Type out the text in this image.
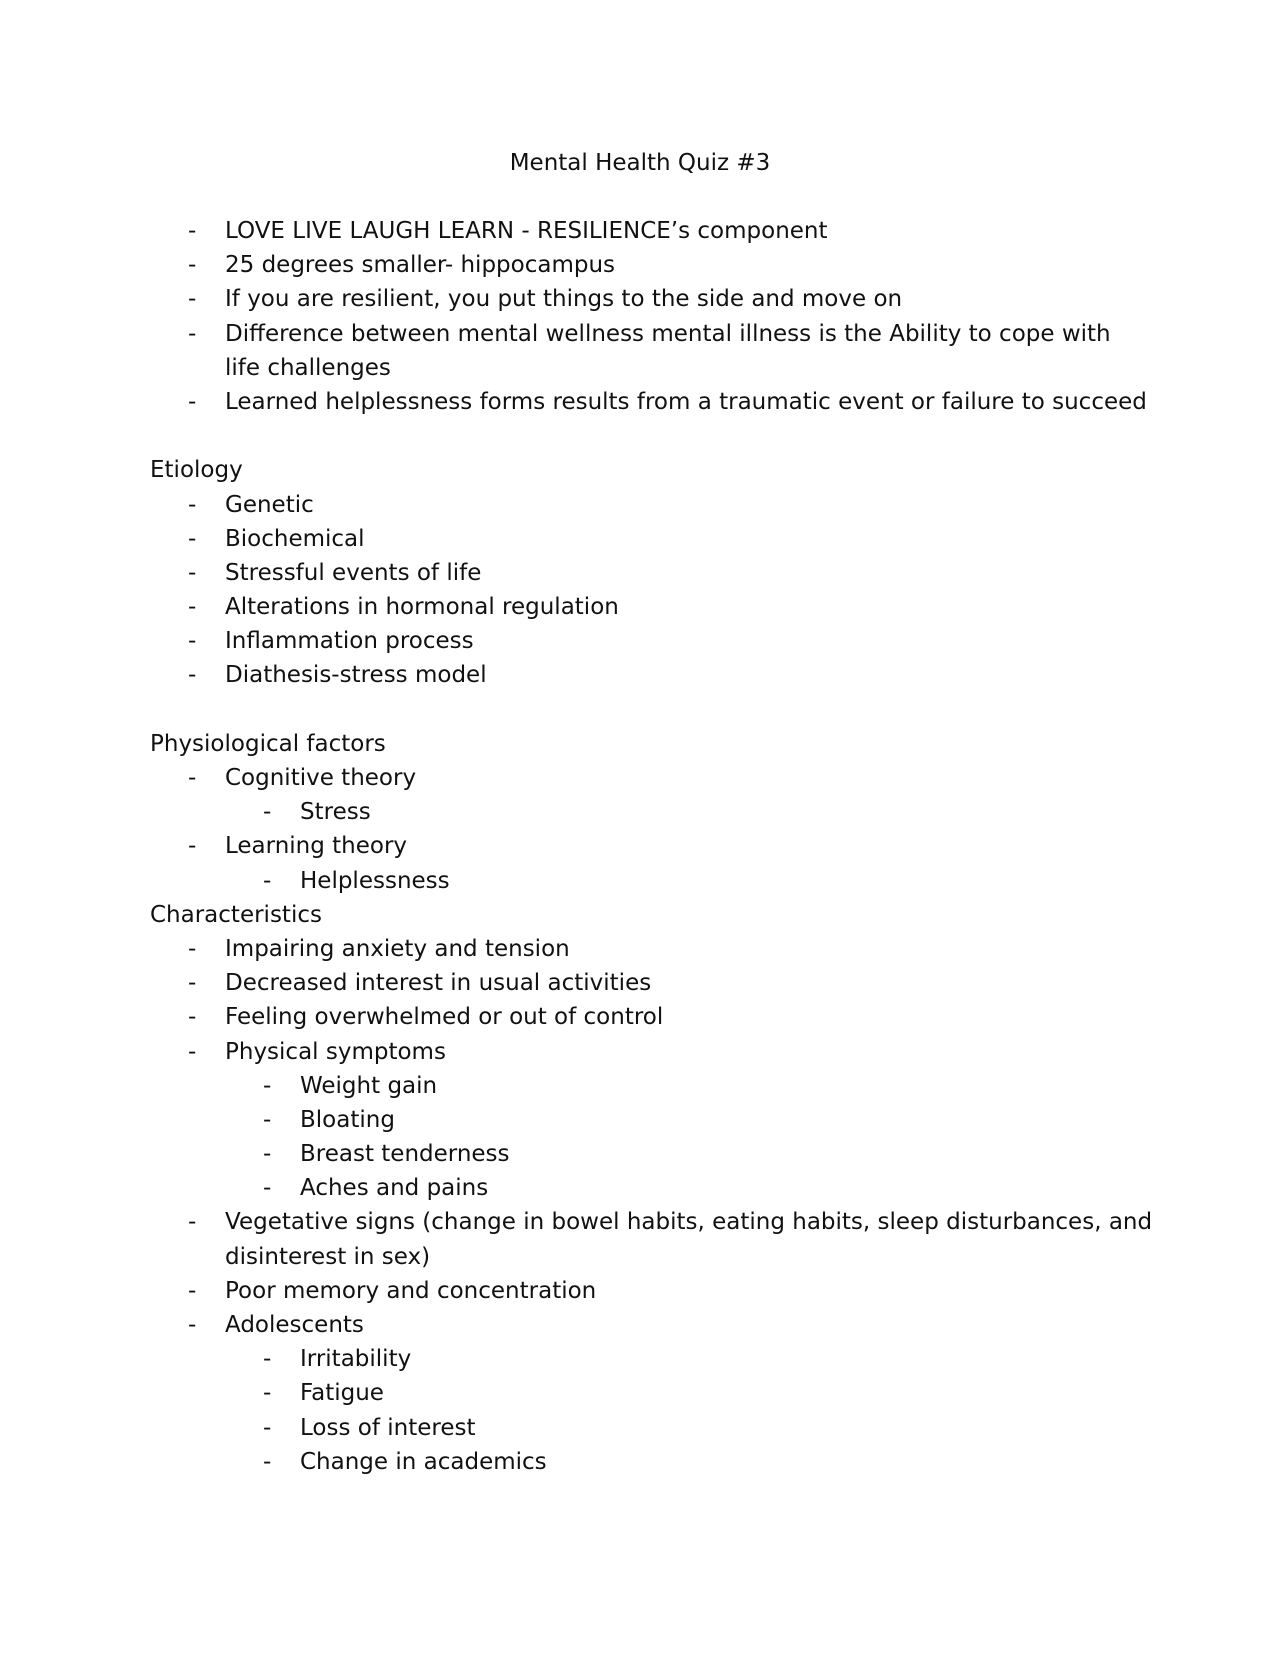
Mental Health Quiz #3
- LOVE LIVE LAUGH LEARN - RESILIENCE’s component
- 25 degrees smaller- hippocampus
- If you are resilient, you put things to the side and move on
- Difference between mental wellness mental illness is the Ability to cope with
life challenges
- Learned helplessness forms results from a traumatic event or failure to succeed
Etiology
- Genetic
- Biochemical
- Stressful events of life
- Alterations in hormonal regulation
- Inflammation process
- Diathesis-stress model
Physiological factors
- Cognitive theory
- Stress
- Learning theory
- Helplessness
Characteristics
- Impairing anxiety and tension
- Decreased interest in usual activities
- Feeling overwhelmed or out of control
- Physical symptoms
- Weight gain
- Bloating
- Breast tenderness
- Aches and pains
- Vegetative signs (change in bowel habits, eating habits, sleep disturbances, and
disinterest in sex)
- Poor memory and concentration
- Adolescents
- Irritability
- Fatigue
- Loss of interest
- Change in academics
